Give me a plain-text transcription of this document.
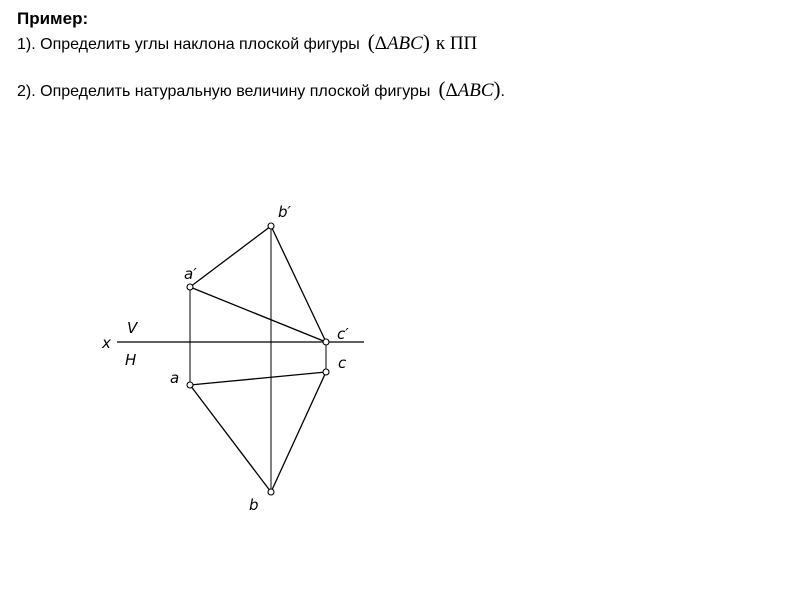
Пример:

1). Определить углы наклона плоской фигуры (ΔABC) к ПП

2). Определить натуральную величину плоской фигуры (ΔABC).

x
V
H
b′
a′
c′
c
a
b
